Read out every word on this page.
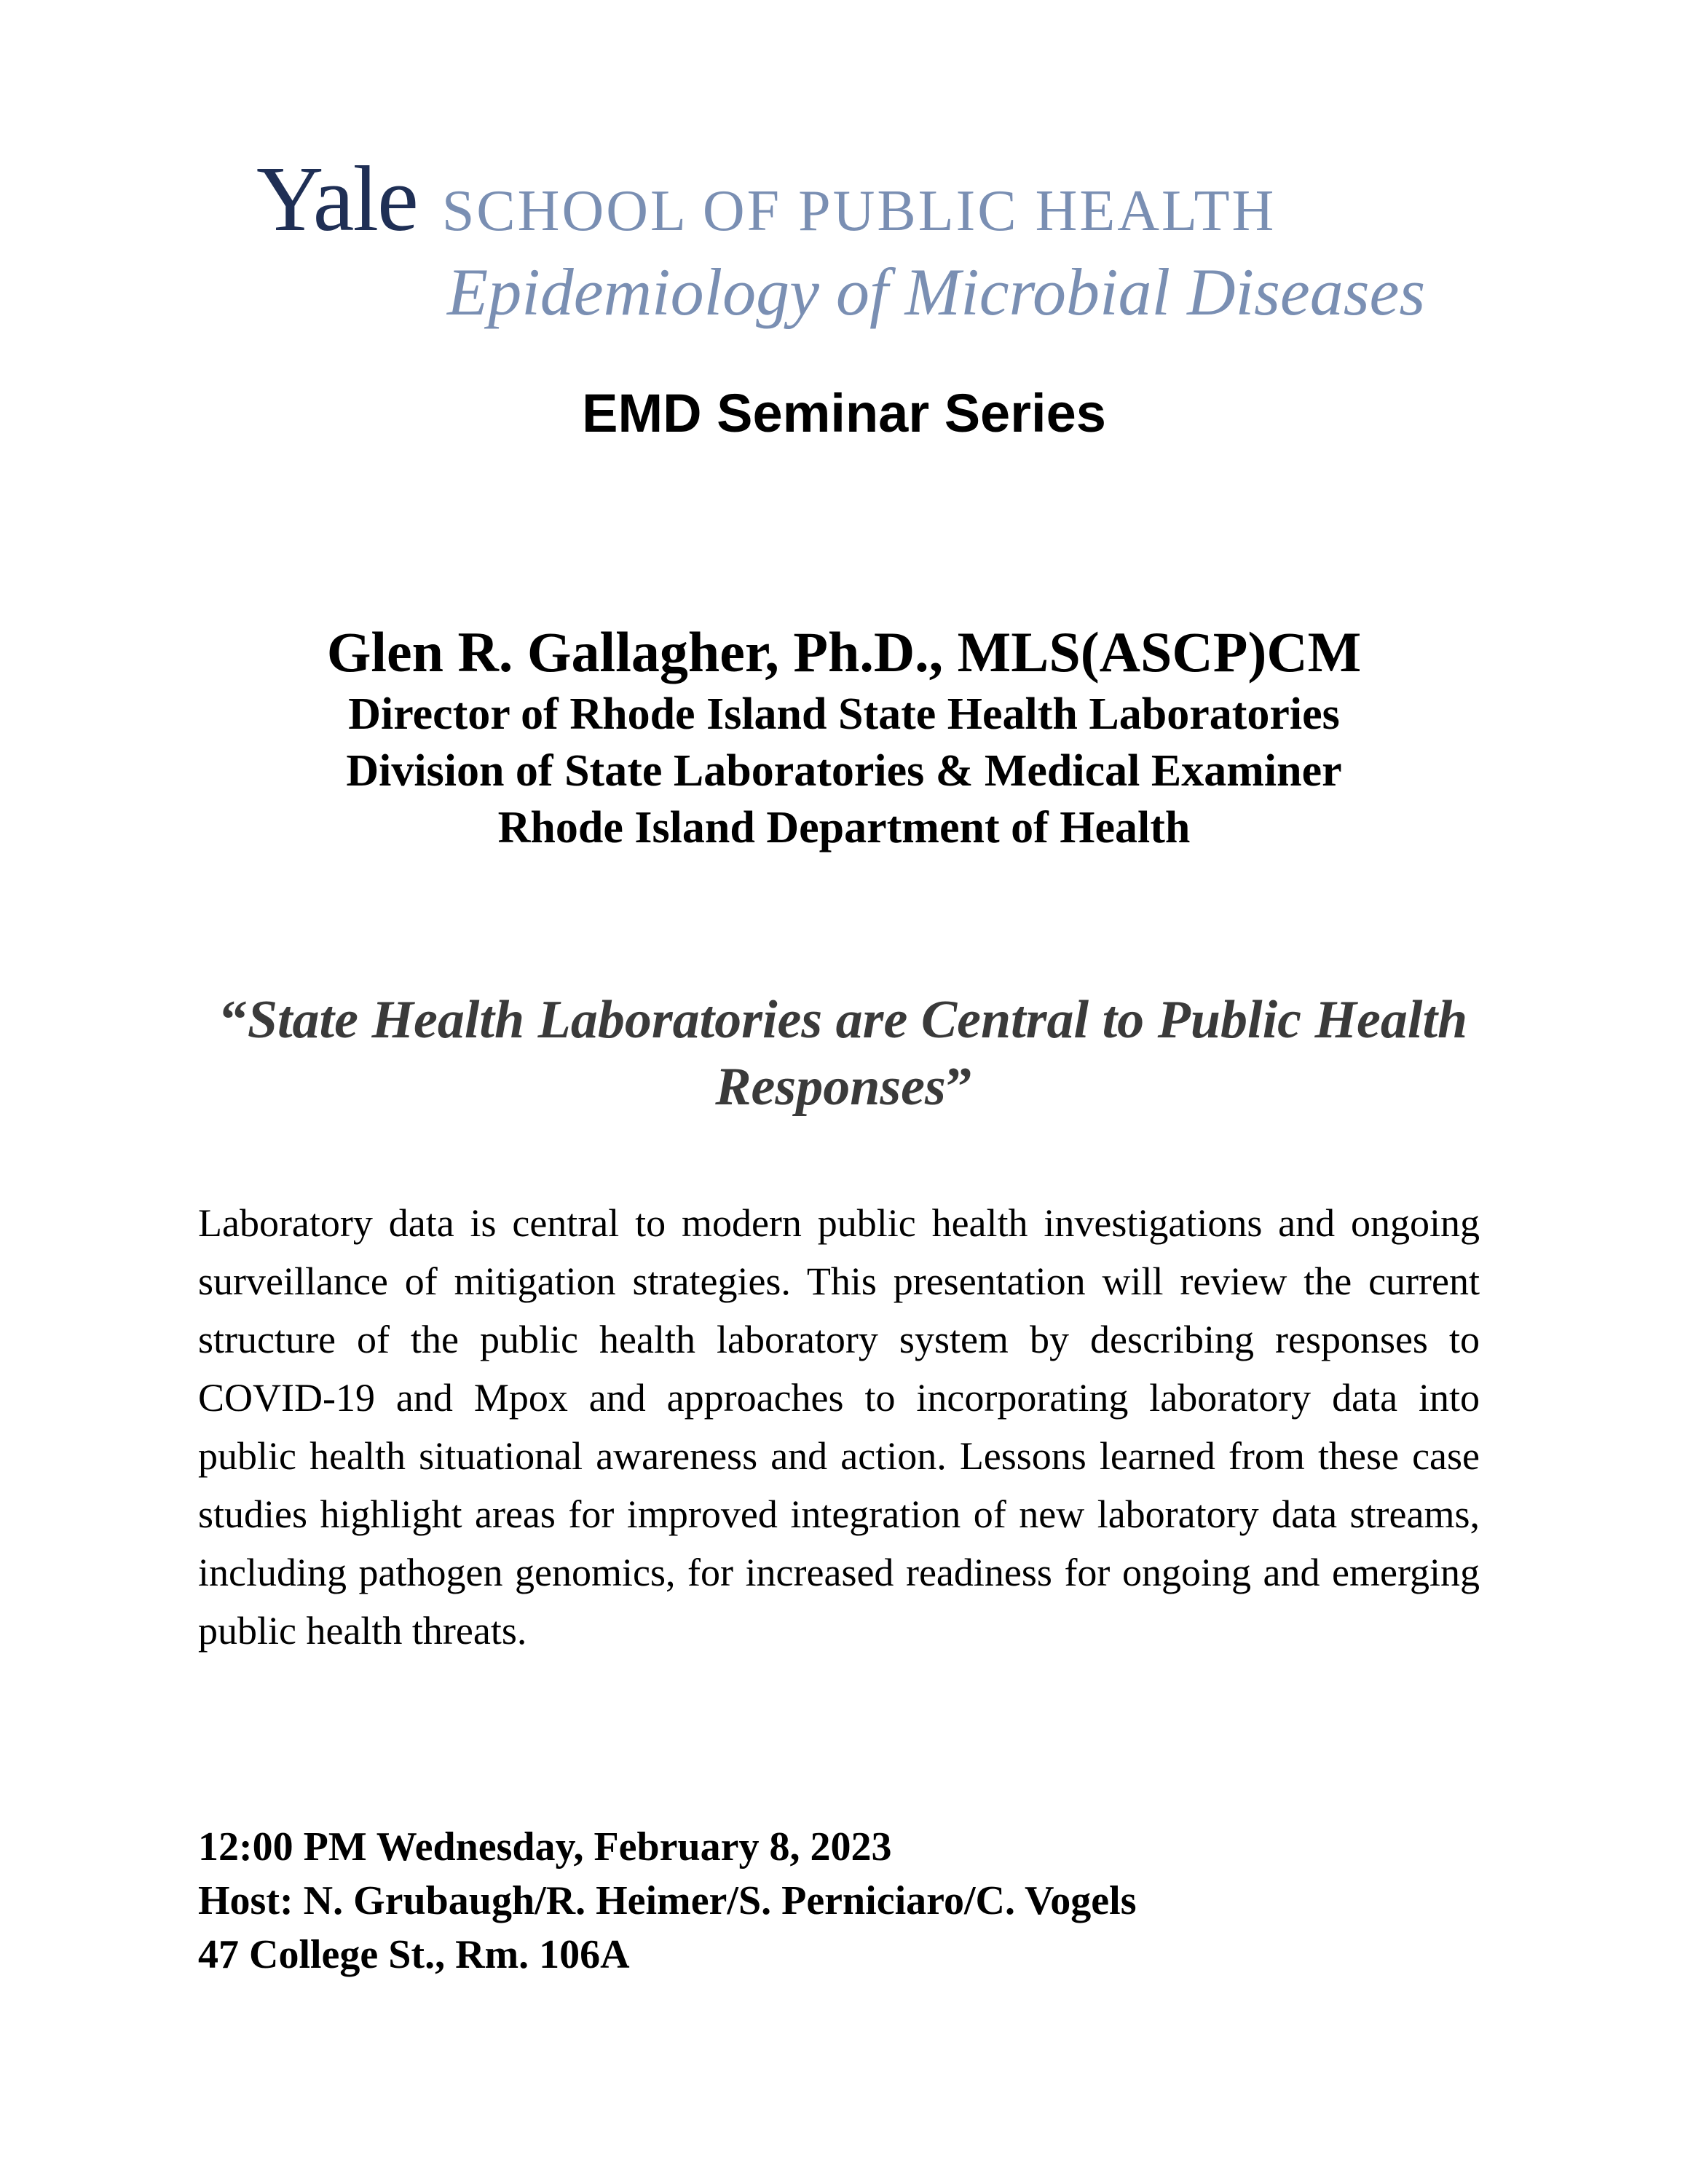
Yale SCHOOL OF PUBLIC HEALTH
Epidemiology of Microbial Diseases
EMD Seminar Series
Glen R. Gallagher, Ph.D., MLS(ASCP)CM
Director of Rhode Island State Health Laboratories
Division of State Laboratories & Medical Examiner
Rhode Island Department of Health
“State Health Laboratories are Central to Public Health Responses”
Laboratory data is central to modern public health investigations and ongoing surveillance of mitigation strategies. This presentation will review the current structure of the public health laboratory system by describing responses to COVID-19 and Mpox and approaches to incorporating laboratory data into public health situational awareness and action. Lessons learned from these case studies highlight areas for improved integration of new laboratory data streams, including pathogen genomics, for increased readiness for ongoing and emerging public health threats.
12:00 PM Wednesday, February 8, 2023
Host: N. Grubaugh/R. Heimer/S. Perniciaro/C. Vogels
47 College St., Rm. 106A
